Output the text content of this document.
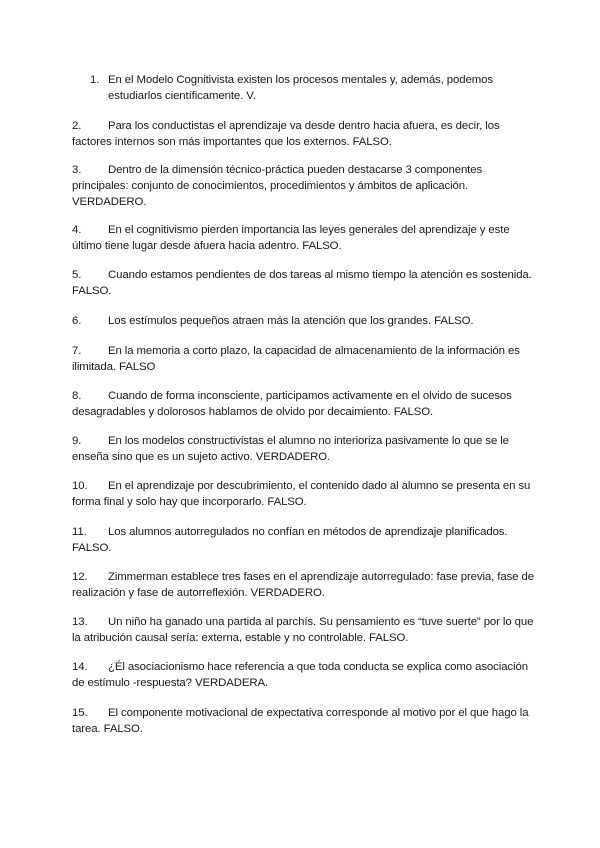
1. En el Modelo Cognitivista existen los procesos mentales y, además, podemos
estudiarlos científicamente. V.
2. Para los conductistas el aprendizaje va desde dentro hacia afuera, es decir, los factores internos son más importantes que los externos. FALSO.
3. Dentro de la dimensión técnico-práctica pueden destacarse 3 componentes principales: conjunto de conocimientos, procedimientos y ámbitos de aplicación. VERDADERO.
4. En el cognitivismo pierden importancia las leyes generales del aprendizaje y este último tiene lugar desde afuera hacia adentro. FALSO.
5. Cuando estamos pendientes de dos tareas al mismo tiempo la atención es sostenida. FALSO.
6. Los estímulos pequeños atraen más la atención que los grandes. FALSO.
7. En la memoria a corto plazo, la capacidad de almacenamiento de la información es ilimitada. FALSO
8. Cuando de forma inconsciente, participamos activamente en el olvido de sucesos desagradables y dolorosos hablamos de olvido por decaimiento. FALSO.
9. En los modelos constructivistas el alumno no interioriza pasivamente lo que se le enseña sino que es un sujeto activo. VERDADERO.
10. En el aprendizaje por descubrimiento, el contenido dado al alumno se presenta en su forma final y solo hay que incorporarlo. FALSO.
11. Los alumnos autorregulados no confían en métodos de aprendizaje planificados. FALSO.
12. Zimmerman establece tres fases en el aprendizaje autorregulado: fase previa, fase de realización y fase de autorreflexión. VERDADERO.
13. Un niño ha ganado una partida al parchís. Su pensamiento es “tuve suerte” por lo que la atribución causal sería: externa, estable y no controlable. FALSO.
14. ¿Él asociacionismo hace referencia a que toda conducta se explica como asociación de estímulo -respuesta? VERDADERA.
15. El componente motivacional de expectativa corresponde al motivo por el que hago la tarea. FALSO.
